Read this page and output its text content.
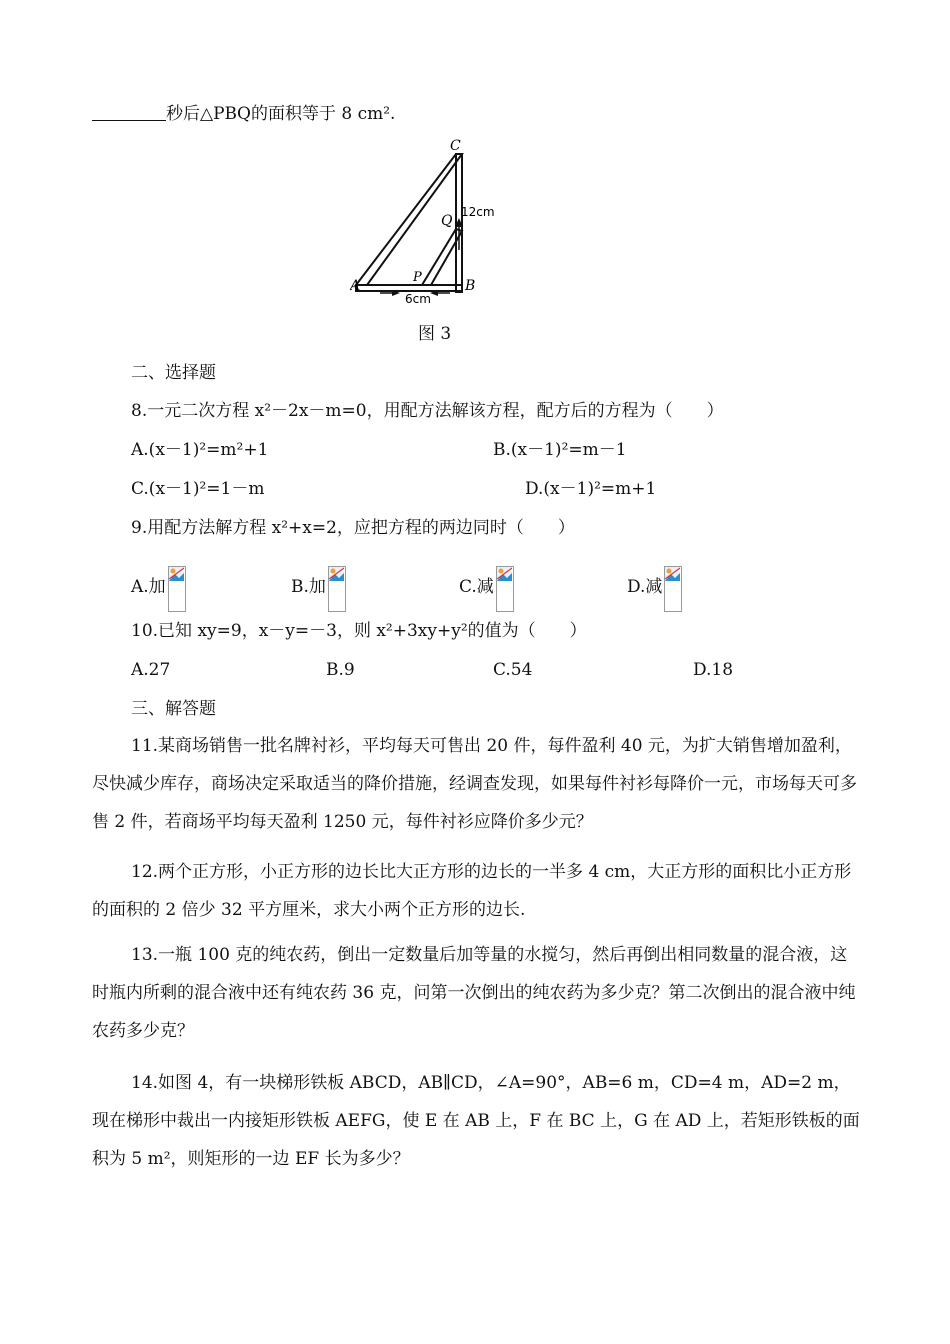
秒后△PBQ的面积等于 8 cm².
C
Q
P
A	B
12cm
6cm
图 3
二、选择题
8.一元二次方程 x²－2x－m=0，用配方法解该方程，配方后的方程为（　　）
A.(x－1)²=m²+1	B.(x－1)²=m－1
C.(x－1)²=1－m	D.(x－1)²=m+1
9.用配方法解方程 x²+x=2，应把方程的两边同时（　　）
A.加	B.加	C.减	D.减
10.已知 xy=9，x－y=－3，则 x²+3xy+y²的值为（　　）
A.27	B.9	C.54	D.18
三、解答题
11.某商场销售一批名牌衬衫，平均每天可售出 20 件，每件盈利 40 元，为扩大销售增加盈利，尽快减少库存，商场决定采取适当的降价措施，经调查发现，如果每件衬衫每降价一元，市场每天可多售 2 件，若商场平均每天盈利 1250 元，每件衬衫应降价多少元？
12.两个正方形，小正方形的边长比大正方形的边长的一半多 4 cm，大正方形的面积比小正方形的面积的 2 倍少 32 平方厘米，求大小两个正方形的边长.
13.一瓶 100 克的纯农药，倒出一定数量后加等量的水搅匀，然后再倒出相同数量的混合液，这时瓶内所剩的混合液中还有纯农药 36 克，问第一次倒出的纯农药为多少克？第二次倒出的混合液中纯农药多少克？
14.如图 4，有一块梯形铁板 ABCD，AB∥CD，∠A=90°，AB=6 m，CD=4 m，AD=2 m，现在梯形中裁出一内接矩形铁板 AEFG，使 E 在 AB 上，F 在 BC 上，G 在 AD 上，若矩形铁板的面积为 5 m²，则矩形的一边 EF 长为多少？
